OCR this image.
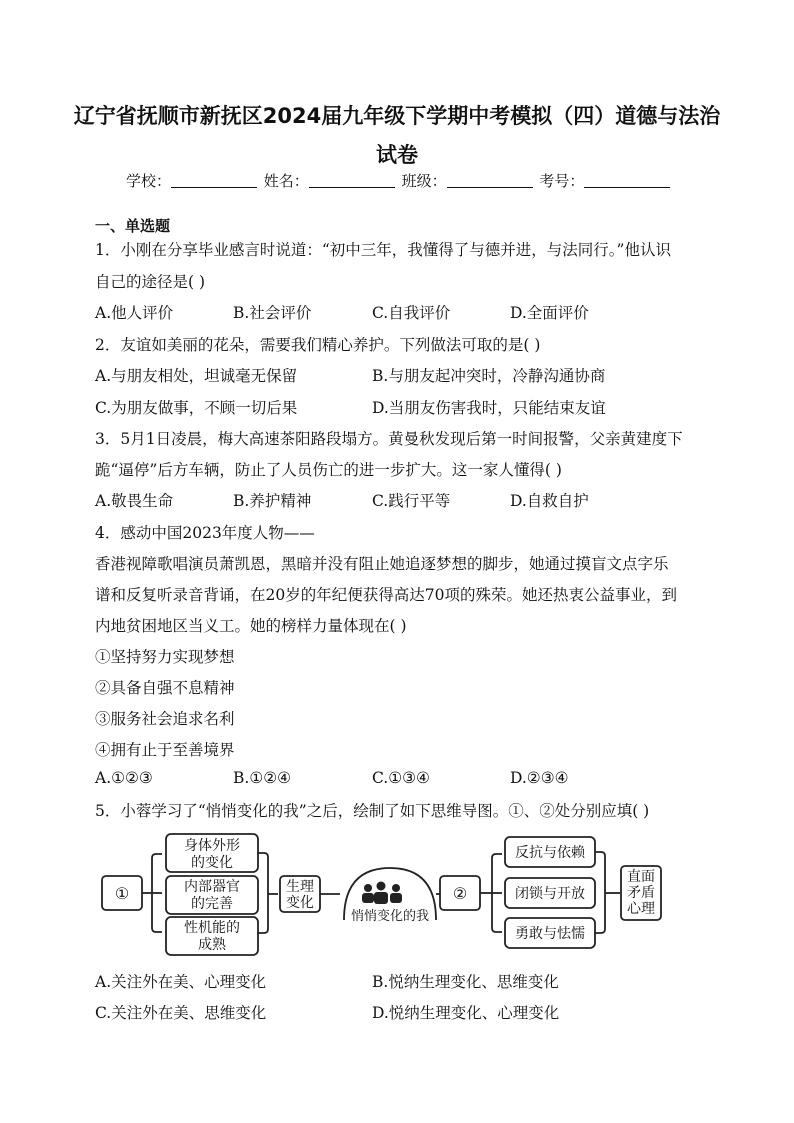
辽宁省抚顺市新抚区2024届九年级下学期中考模拟（四）道德与法治
试卷
学校：	姓名：	班级：	考号：
一、单选题
1．小刚在分享毕业感言时说道：“初中三年，我懂得了与德并进，与法同行。”他认识
自己的途径是( )
A.他人评价	B.社会评价	C.自我评价	D.全面评价
2．友谊如美丽的花朵，需要我们精心养护。下列做法可取的是( )
A.与朋友相处，坦诚毫无保留	B.与朋友起冲突时，冷静沟通协商
C.为朋友做事，不顾一切后果	D.当朋友伤害我时，只能结束友谊
3．5月1日凌晨，梅大高速茶阳路段塌方。黄曼秋发现后第一时间报警，父亲黄建度下
跪“逼停”后方车辆，防止了人员伤亡的进一步扩大。这一家人懂得( )
A.敬畏生命	B.养护精神	C.践行平等	D.自救自护
4．感动中国2023年度人物——
香港视障歌唱演员萧凯恩，黑暗并没有阻止她追逐梦想的脚步，她通过摸盲文点字乐
谱和反复听录音背诵，在20岁的年纪便获得高达70项的殊荣。她还热衷公益事业，到
内地贫困地区当义工。她的榜样力量体现在( )
①坚持努力实现梦想
②具备自强不息精神
③服务社会追求名利
④拥有止于至善境界
A.①②③	B.①②④	C.①③④	D.②③④
5．小蓉学习了“悄悄变化的我”之后，绘制了如下思维导图。①、②处分别应填( )
①
身体外形
的变化
内部器官
的完善
性机能的
成熟
生理
变化
悄悄变化的我
②
反抗与依赖
闭锁与开放
勇敢与怯懦
直面
矛盾
心理
A.关注外在美、心理变化	B.悦纳生理变化、思维变化
C.关注外在美、思维变化	D.悦纳生理变化、心理变化
